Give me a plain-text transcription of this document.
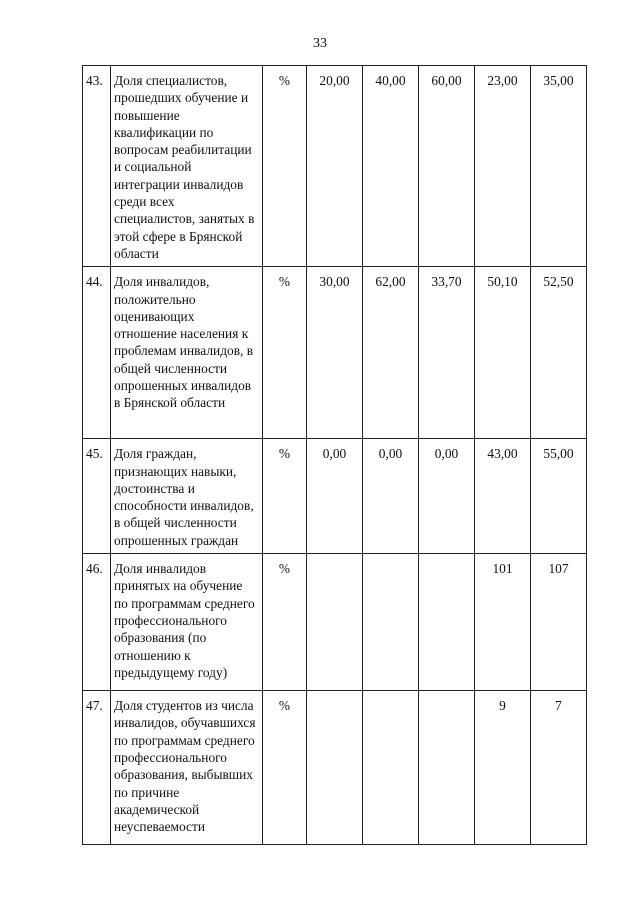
33
43.	Доля специалистов, прошедших обучение и повышение квалификации по вопросам реабилитации и социальной интеграции инвалидов среди всех специалистов, занятых в этой сфере в Брянской области	%	20,00	40,00	60,00	23,00	35,00
44.	Доля инвалидов, положительно оценивающих отношение населения к проблемам инвалидов, в общей численности опрошенных инвалидов в Брянской области	%	30,00	62,00	33,70	50,10	52,50
45.	Доля граждан, признающих навыки, достоинства и способности инвалидов, в общей численности опрошенных граждан	%	0,00	0,00	0,00	43,00	55,00
46.	Доля инвалидов принятых на обучение по программам среднего профессионального образования (по отношению к предыдущему году)	%				101	107
47.	Доля студентов из числа инвалидов, обучавшихся по программам среднего профессионального образования, выбывших по причине академической неуспеваемости	%				9	7
